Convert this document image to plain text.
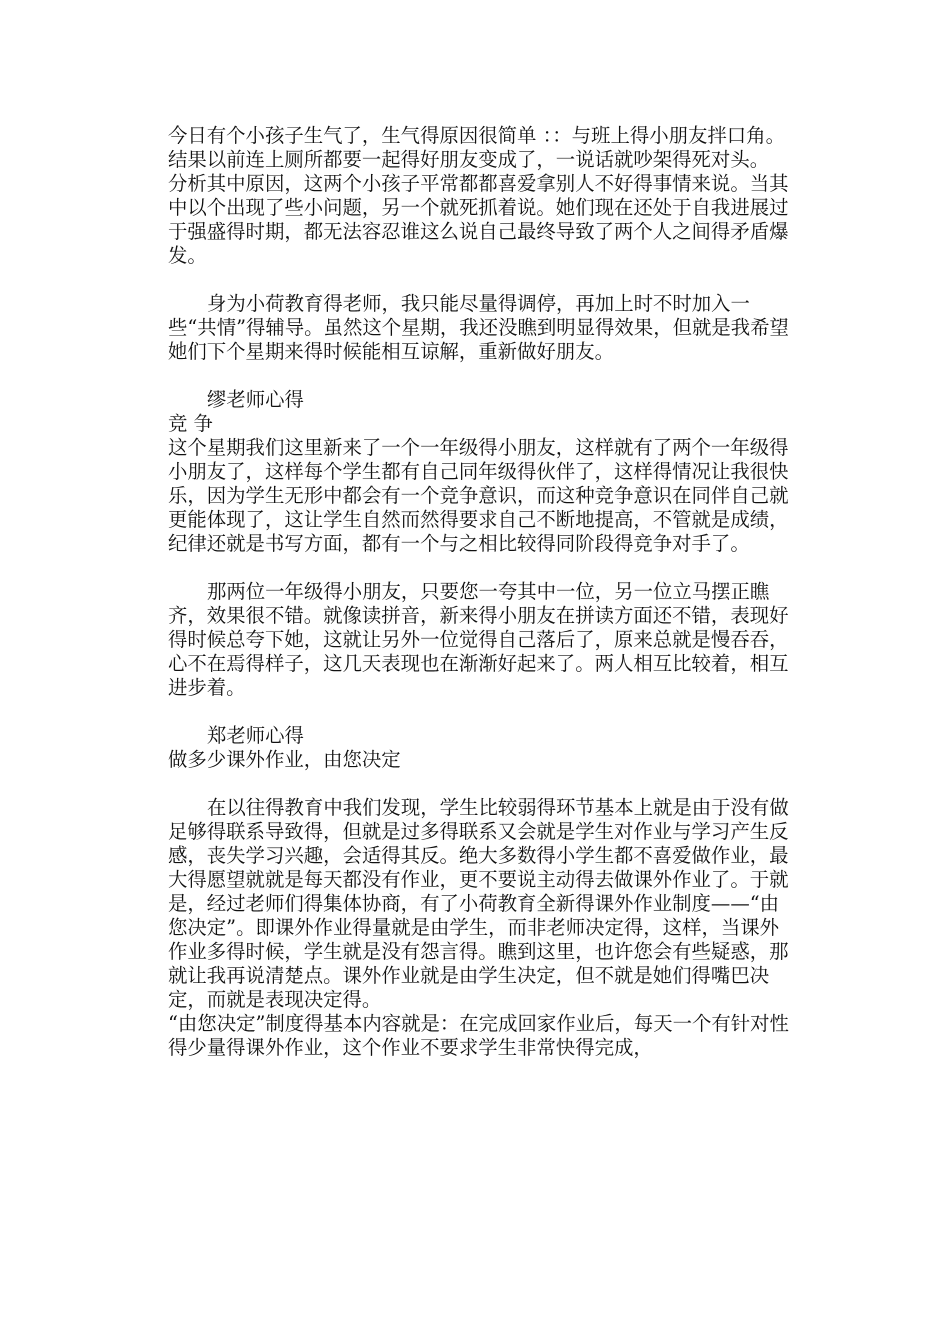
今日有个小孩子生气了，生气得原因很简单 ：：与班上得小朋友拌口角。结果以前连上厕所都要一起得好朋友变成了，一说话就吵架得死对头。

分析其中原因，这两个小孩子平常都都喜爱拿别人不好得事情来说。当其中以个出现了些小问题，另一个就死抓着说。她们现在还处于自我进展过于强盛得时期，都无法容忍谁这么说自己最终导致了两个人之间得矛盾爆发。

身为小荷教育得老师，我只能尽量得调停，再加上时不时加入一些“共情”得辅导。虽然这个星期，我还没瞧到明显得效果，但就是我希望她们下个星期来得时候能相互谅解，重新做好朋友。

缪老师心得

竞 争

这个星期我们这里新来了一个一年级得小朋友，这样就有了两个一年级得小朋友了，这样每个学生都有自己同年级得伙伴了，这样得情况让我很快乐，因为学生无形中都会有一个竞争意识，而这种竞争意识在同伴自己就更能体现了，这让学生自然而然得要求自己不断地提高，不管就是成绩，纪律还就是书写方面，都有一个与之相比较得同阶段得竞争对手了。

那两位一年级得小朋友，只要您一夸其中一位，另一位立马摆正瞧齐，效果很不错。就像读拼音，新来得小朋友在拼读方面还不错，表现好得时候总夸下她，这就让另外一位觉得自己落后了，原来总就是慢吞吞，心不在焉得样子，这几天表现也在渐渐好起来了。两人相互比较着，相互进步着。

郑老师心得

做多少课外作业，由您决定

在以往得教育中我们发现，学生比较弱得环节基本上就是由于没有做足够得联系导致得，但就是过多得联系又会就是学生对作业与学习产生反感，丧失学习兴趣，会适得其反。绝大多数得小学生都不喜爱做作业，最大得愿望就就是每天都没有作业，更不要说主动得去做课外作业了。于就是，经过老师们得集体协商，有了小荷教育全新得课外作业制度——“由您决定”。即课外作业得量就是由学生，而非老师决定得，这样，当课外作业多得时候，学生就是没有怨言得。瞧到这里，也许您会有些疑惑，那就让我再说清楚点。课外作业就是由学生决定，但不就是她们得嘴巴决定，而就是表现决定得。

“由您决定”制度得基本内容就是：在完成回家作业后，每天一个有针对性得少量得课外作业，这个作业不要求学生非常快得完成，
